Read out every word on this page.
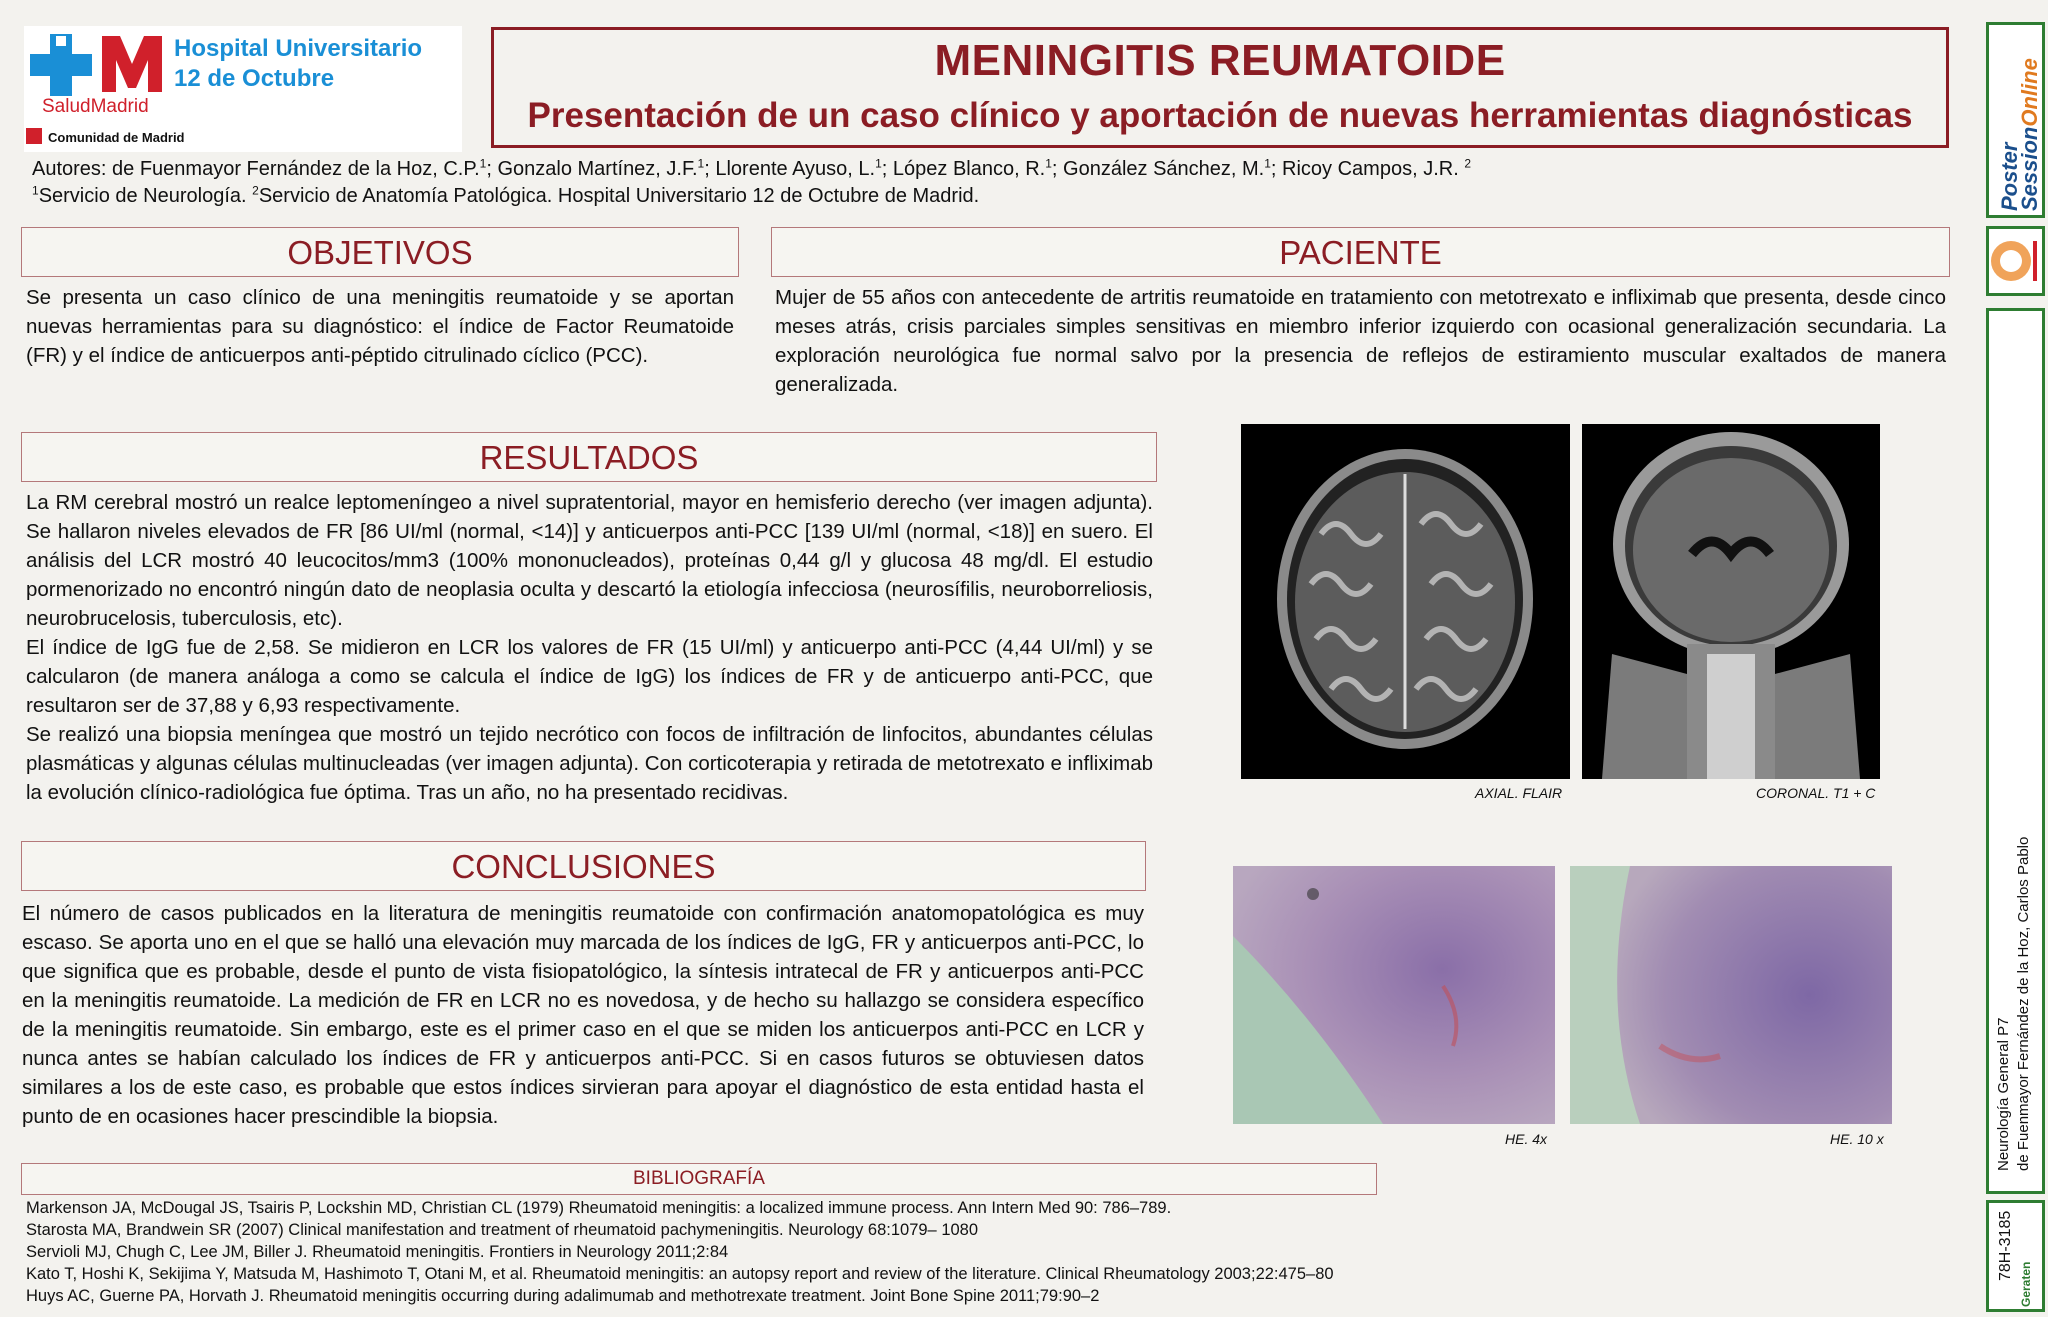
Hospital Universitario
12 de Octubre
SaludMadrid
Comunidad de Madrid
MENINGITIS REUMATOIDE
Presentación de un caso clínico y aportación de nuevas herramientas diagnósticas
Autores: de Fuenmayor Fernández de la Hoz, C.P.$^1$; Gonzalo Martínez, J.F.$^1$; Llorente Ayuso, L.$^1$; López Blanco, R.$^1$; González Sánchez, M.$^1$; Ricoy Campos, J.R. $^2$
$^1$Servicio de Neurología. $^2$Servicio de Anatomía Patológica. Hospital Universitario 12 de Octubre de Madrid.
OBJETIVOS
Se presenta un caso clínico de una meningitis reumatoide y se aportan nuevas herramientas para su diagnóstico: el índice de Factor Reumatoide (FR) y el índice de anticuerpos anti-péptido citrulinado cíclico (PCC).
PACIENTE
Mujer de 55 años con antecedente de artritis reumatoide en tratamiento con metotrexato e infliximab que presenta, desde cinco meses atrás, crisis parciales simples sensitivas en miembro inferior izquierdo con ocasional generalización secundaria. La exploración neurológica fue normal salvo por la presencia de reflejos de estiramiento muscular exaltados de manera generalizada.
RESULTADOS

La RM cerebral mostró un realce leptomeníngeo a nivel supratentorial, mayor en hemisferio derecho (ver imagen adjunta). Se hallaron niveles elevados de FR [86 UI/ml (normal, <14)] y anticuerpos anti-PCC [139 UI/ml (normal, <18)] en suero. El análisis del LCR mostró 40 leucocitos/mm3 (100% mononucleados), proteínas 0,44 g/l y glucosa 48 mg/dl. El estudio pormenorizado no encontró ningún dato de neoplasia oculta y descartó la etiología infecciosa (neurosífilis, neuroborreliosis, neurobrucelosis, tuberculosis, etc).

El índice de IgG fue de 2,58. Se midieron en LCR los valores de FR (15 UI/ml) y anticuerpo anti-PCC (4,44 UI/ml) y se calcularon (de manera análoga a como se calcula el índice de IgG) los índices de FR y de anticuerpo anti-PCC, que resultaron ser de 37,88 y 6,93 respectivamente.

Se realizó una biopsia meníngea que mostró un tejido necrótico con focos de infiltración de linfocitos, abundantes células plasmáticas y algunas células multinucleadas (ver imagen adjunta). Con corticoterapia y retirada de metotrexato e infliximab la evolución clínico-radiológica fue óptima. Tras un año, no ha presentado recidivas.	AXIAL. FLAIR	CORONAL. T1 + C
CONCLUSIONES
El número de casos publicados en la literatura de meningitis reumatoide con confirmación anatomopatológica es muy escaso. Se aporta uno en el que se halló una elevación muy marcada de los índices de IgG, FR y anticuerpos anti-PCC, lo que significa que es probable, desde el punto de vista fisiopatológico, la síntesis intratecal de FR y anticuerpos anti-PCC en la meningitis reumatoide. La medición de FR en LCR no es novedosa, y de hecho su hallazgo se considera específico de la meningitis reumatoide. Sin embargo, este es el primer caso en el que se miden los anticuerpos anti-PCC en LCR y nunca antes se habían calculado los índices de FR y anticuerpos anti-PCC. Si en casos futuros se obtuviesen datos similares a los de este caso, es probable que estos índices sirvieran para apoyar el diagnóstico de esta entidad hasta el punto de en ocasiones hacer prescindible la biopsia.
HE. 4x	HE. 10 x
BIBLIOGRAFÍA
Markenson JA, McDougal JS, Tsairis P, Lockshin MD, Christian CL (1979) Rheumatoid meningitis: a localized immune process. Ann Intern Med 90: 786–789.
Starosta MA, Brandwein SR (2007) Clinical manifestation and treatment of rheumatoid pachymeningitis. Neurology 68:1079– 1080
Servioli MJ, Chugh C, Lee JM, Biller J. Rheumatoid meningitis. Frontiers in Neurology 2011;2:84
Kato T, Hoshi K, Sekijima Y, Matsuda M, Hashimoto T, Otani M, et al. Rheumatoid meningitis: an autopsy report and review of the literature. Clinical Rheumatology 2003;22:475–80
Huys AC, Guerne PA, Horvath J. Rheumatoid meningitis occurring during adalimumab and methotrexate treatment. Joint Bone Spine 2011;79:90–2
Poster
SessionOnline
Neurología General P7 de Fuenmayor Fernández de la Hoz, Carlos Pablo
78H-3185
Geraten
